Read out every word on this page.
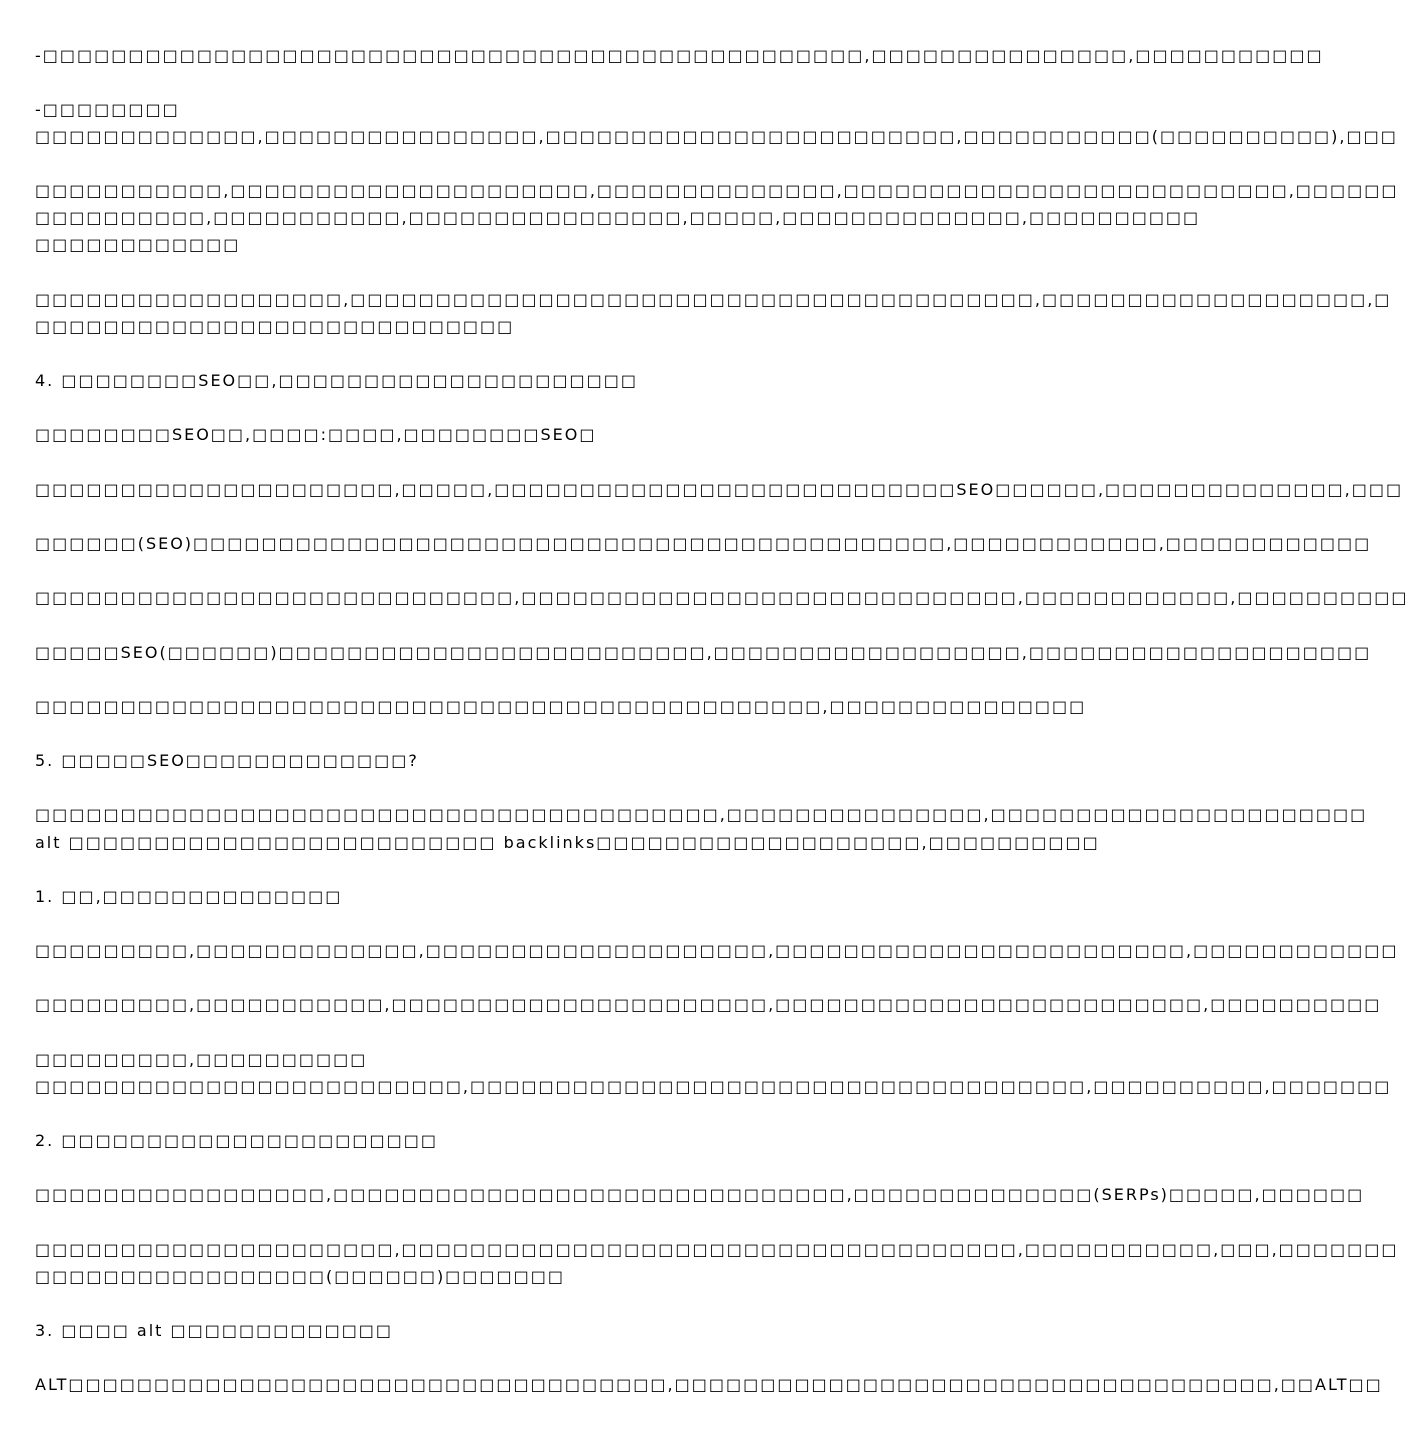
-□□□□□□□□□□□□□□□□□□□□□□□□□□□□□□□□□□□□□□□□□□□□□□□□,□□□□□□□□□□□□□□□,□□□□□□□□□□□
-□□□□□□□□
□□□□□□□□□□□□□,□□□□□□□□□□□□□□□□,□□□□□□□□□□□□□□□□□□□□□□□□,□□□□□□□□□□□(□□□□□□□□□□),□□□
□□□□□□□□□□□,□□□□□□□□□□□□□□□□□□□□□,□□□□□□□□□□□□□□,□□□□□□□□□□□□□□□□□□□□□□□□□□,□□□□□□
□□□□□□□□□□,□□□□□□□□□□□,□□□□□□□□□□□□□□□□,□□□□□,□□□□□□□□□□□□□□,□□□□□□□□□□
□□□□□□□□□□□□
□□□□□□□□□□□□□□□□□□,□□□□□□□□□□□□□□□□□□□□□□□□□□□□□□□□□□□□□□□□,□□□□□□□□□□□□□□□□□□□,□
□□□□□□□□□□□□□□□□□□□□□□□□□□□□
4. □□□□□□□□SEO□□,□□□□□□□□□□□□□□□□□□□□□
□□□□□□□□SEO□□,□□□□:□□□□,□□□□□□□□SEO□
□□□□□□□□□□□□□□□□□□□□□,□□□□□,□□□□□□□□□□□□□□□□□□□□□□□□□□□SEO□□□□□□,□□□□□□□□□□□□□□,□□□
□□□□□□(SEO)□□□□□□□□□□□□□□□□□□□□□□□□□□□□□□□□□□□□□□□□□□□□,□□□□□□□□□□□□,□□□□□□□□□□□□
□□□□□□□□□□□□□□□□□□□□□□□□□□□□,□□□□□□□□□□□□□□□□□□□□□□□□□□□□□,□□□□□□□□□□□□,□□□□□□□□□□
□□□□□SEO(□□□□□□)□□□□□□□□□□□□□□□□□□□□□□□□□,□□□□□□□□□□□□□□□□□□,□□□□□□□□□□□□□□□□□□□□
□□□□□□□□□□□□□□□□□□□□□□□□□□□□□□□□□□□□□□□□□□□□□□,□□□□□□□□□□□□□□□
5. □□□□□SEO□□□□□□□□□□□□□?
□□□□□□□□□□□□□□□□□□□□□□□□□□□□□□□□□□□□□□□□,□□□□□□□□□□□□□□□,□□□□□□□□□□□□□□□□□□□□□□
alt □□□□□□□□□□□□□□□□□□□□□□□□□ backlinks□□□□□□□□□□□□□□□□□□□,□□□□□□□□□□
1. □□,□□□□□□□□□□□□□□
□□□□□□□□□,□□□□□□□□□□□□□,□□□□□□□□□□□□□□□□□□□□,□□□□□□□□□□□□□□□□□□□□□□□□,□□□□□□□□□□□□
□□□□□□□□□,□□□□□□□□□□□,□□□□□□□□□□□□□□□□□□□□□□,□□□□□□□□□□□□□□□□□□□□□□□□□,□□□□□□□□□□
□□□□□□□□□,□□□□□□□□□□
□□□□□□□□□□□□□□□□□□□□□□□□□,□□□□□□□□□□□□□□□□□□□□□□□□□□□□□□□□□□□□,□□□□□□□□□□,□□□□□□□
2. □□□□□□□□□□□□□□□□□□□□□□
□□□□□□□□□□□□□□□□□,□□□□□□□□□□□□□□□□□□□□□□□□□□□□□□,□□□□□□□□□□□□□□(SERPs)□□□□□,□□□□□□
□□□□□□□□□□□□□□□□□□□□□,□□□□□□□□□□□□□□□□□□□□□□□□□□□□□□□□□□□□,□□□□□□□□□□□,□□□,□□□□□□□
□□□□□□□□□□□□□□□□□(□□□□□□)□□□□□□□
3. □□□□ alt □□□□□□□□□□□□□
ALT□□□□□□□□□□□□□□□□□□□□□□□□□□□□□□□□□□□,□□□□□□□□□□□□□□□□□□□□□□□□□□□□□□□□□□□,□□ALT□□
